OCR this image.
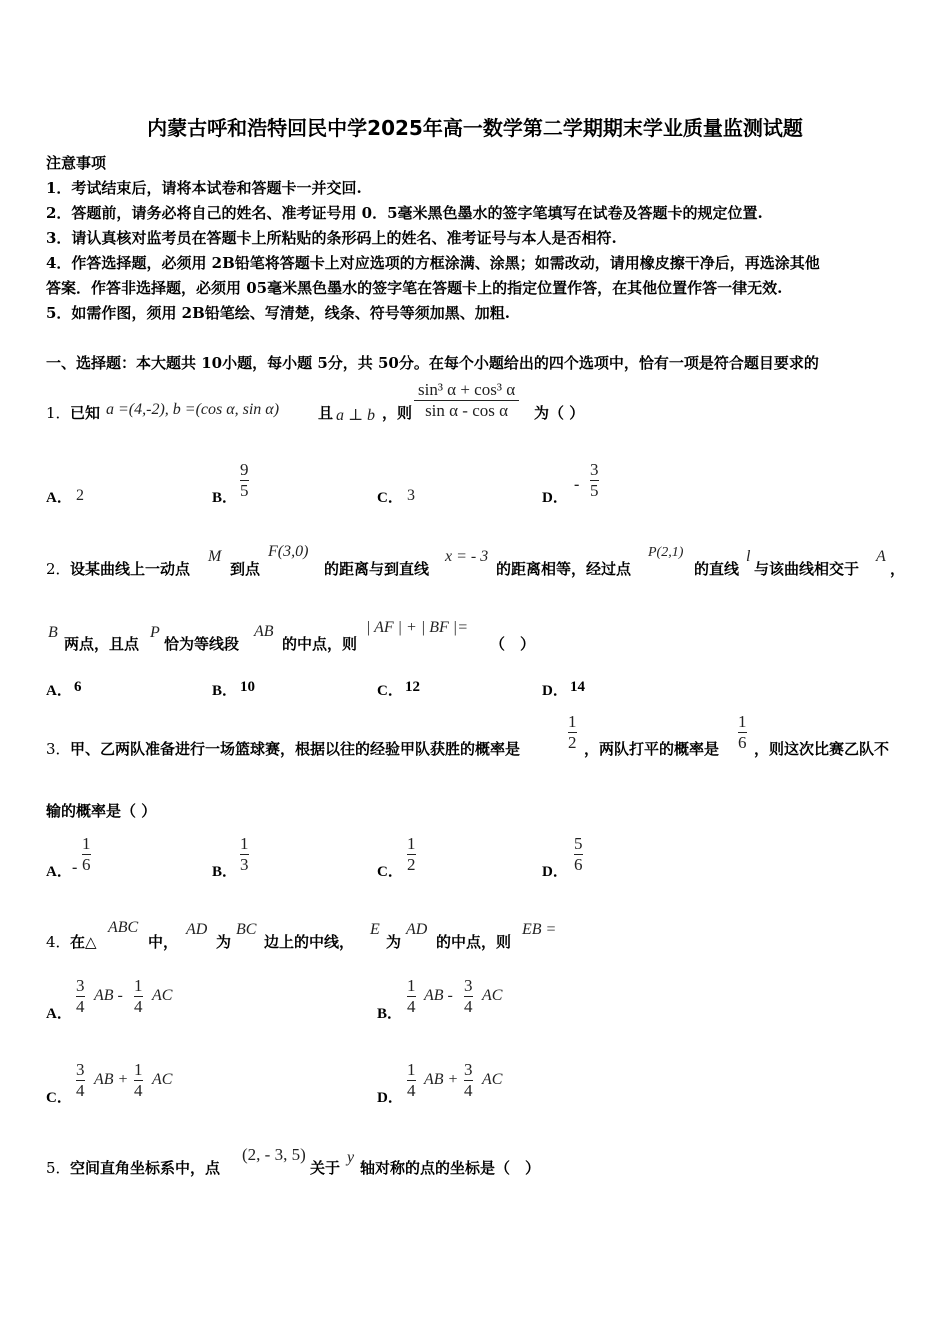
内蒙古呼和浩特回民中学2025年高一数学第二学期期末学业质量监测试题
注意事项
1．考试结束后，请将本试卷和答题卡一并交回.
2．答题前，请务必将自己的姓名、准考证号用 0．5毫米黑色墨水的签字笔填写在试卷及答题卡的规定位置.
3．请认真核对监考员在答题卡上所粘贴的条形码上的姓名、准考证号与本人是否相符.
4．作答选择题，必须用 2B铅笔将答题卡上对应选项的方框涂满、涂黑；如需改动，请用橡皮擦干净后，再选涂其他
答案．作答非选择题，必须用 05毫米黑色墨水的签字笔在答题卡上的指定位置作答，在其他位置作答一律无效.
5．如需作图，须用 2B铅笔绘、写清楚，线条、符号等须加黑、加粗.
一、选择题：本大题共 10小题，每小题 5分，共 50分。在每个小题给出的四个选项中，恰有一项是符合题目要求的
1． 已知 a =(4,-2), b =(cos α, sin α)	且 a ⊥ b ，则 $\frac{\text{sin³ α + cos³ α}}{\text{sin α - cos α}}$ 为（ ）
A． 2	B． $\frac{9}{5}$	C． 3	D．
- $\frac{3}{5}$
2． 设某曲线上一动点
M
到点
F(3,0)
的距离与到直线
x = - 3
的距离相等，经过点
P(2,1)
的直线
l
与该曲线相交于
A
，
B
两点，且点
P
恰为等线段
AB
的中点，则
| AF | + | BF |=
（　）
A． 6	B． 10	C． 12	D． 14
3． 甲、乙两队准备进行一场篮球赛，根据以往的经验甲队获胜的概率是	$\frac{1}{2}$ ，两队打平的概率是 $\frac{1}{6}$ ，则这次比赛乙队不
输的概率是（ ）
A． - $\frac{1}{6}$	B． $\frac{1}{3}$	C． $\frac{1}{2}$	D． $\frac{5}{6}$
4． 在△
ABC
中，
AD
为
BC
边上的中线，
E
为
AD
的中点，则
EB =
A． $\frac{3}{4}$ AB - $\frac{1}{4}$ AC
B． $\frac{1}{4}$ AB - $\frac{3}{4}$ AC
C． $\frac{3}{4}$ AB + $\frac{1}{4}$ AC
D． $\frac{1}{4}$ AB + $\frac{3}{4}$ AC
5． 空间直角坐标系中，点
(2, - 3, 5)
关于
y
轴对称的点的坐标是（　）
